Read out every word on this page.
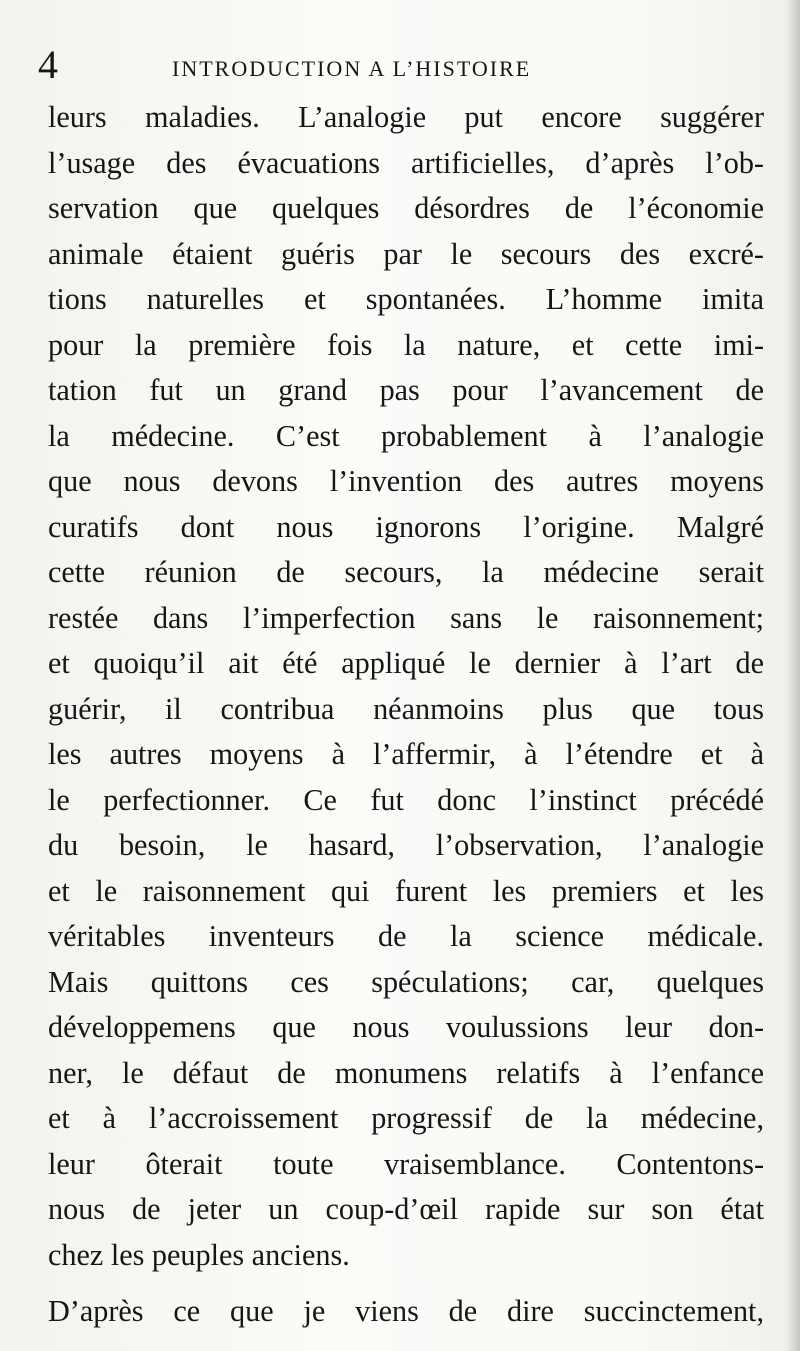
4	INTRODUCTION A L’HISTOIRE
leurs maladies. L’analogie put encore suggérer
l’usage des évacuations artificielles, d’après l’ob-
servation que quelques désordres de l’économie
animale étaient guéris par le secours des excré-
tions naturelles et spontanées. L’homme imita
pour la première fois la nature, et cette imi-
tation fut un grand pas pour l’avancement de
la médecine. C’est probablement à l’analogie
que nous devons l’invention des autres moyens
curatifs dont nous ignorons l’origine. Malgré
cette réunion de secours, la médecine serait
restée dans l’imperfection sans le raisonnement;
et quoiqu’il ait été appliqué le dernier à l’art de
guérir, il contribua néanmoins plus que tous
les autres moyens à l’affermir, à l’étendre et à
le perfectionner. Ce fut donc l’instinct précédé
du besoin, le hasard, l’observation, l’analogie
et le raisonnement qui furent les premiers et les
véritables inventeurs de la science médicale.
Mais quittons ces spéculations; car, quelques
développemens que nous voulussions leur don-
ner, le défaut de monumens relatifs à l’enfance
et à l’accroissement progressif de la médecine,
leur ôterait toute vraisemblance. Contentons-
nous de jeter un coup-d’œil rapide sur son état
chez les peuples anciens.
D’après ce que je viens de dire succinctement,
